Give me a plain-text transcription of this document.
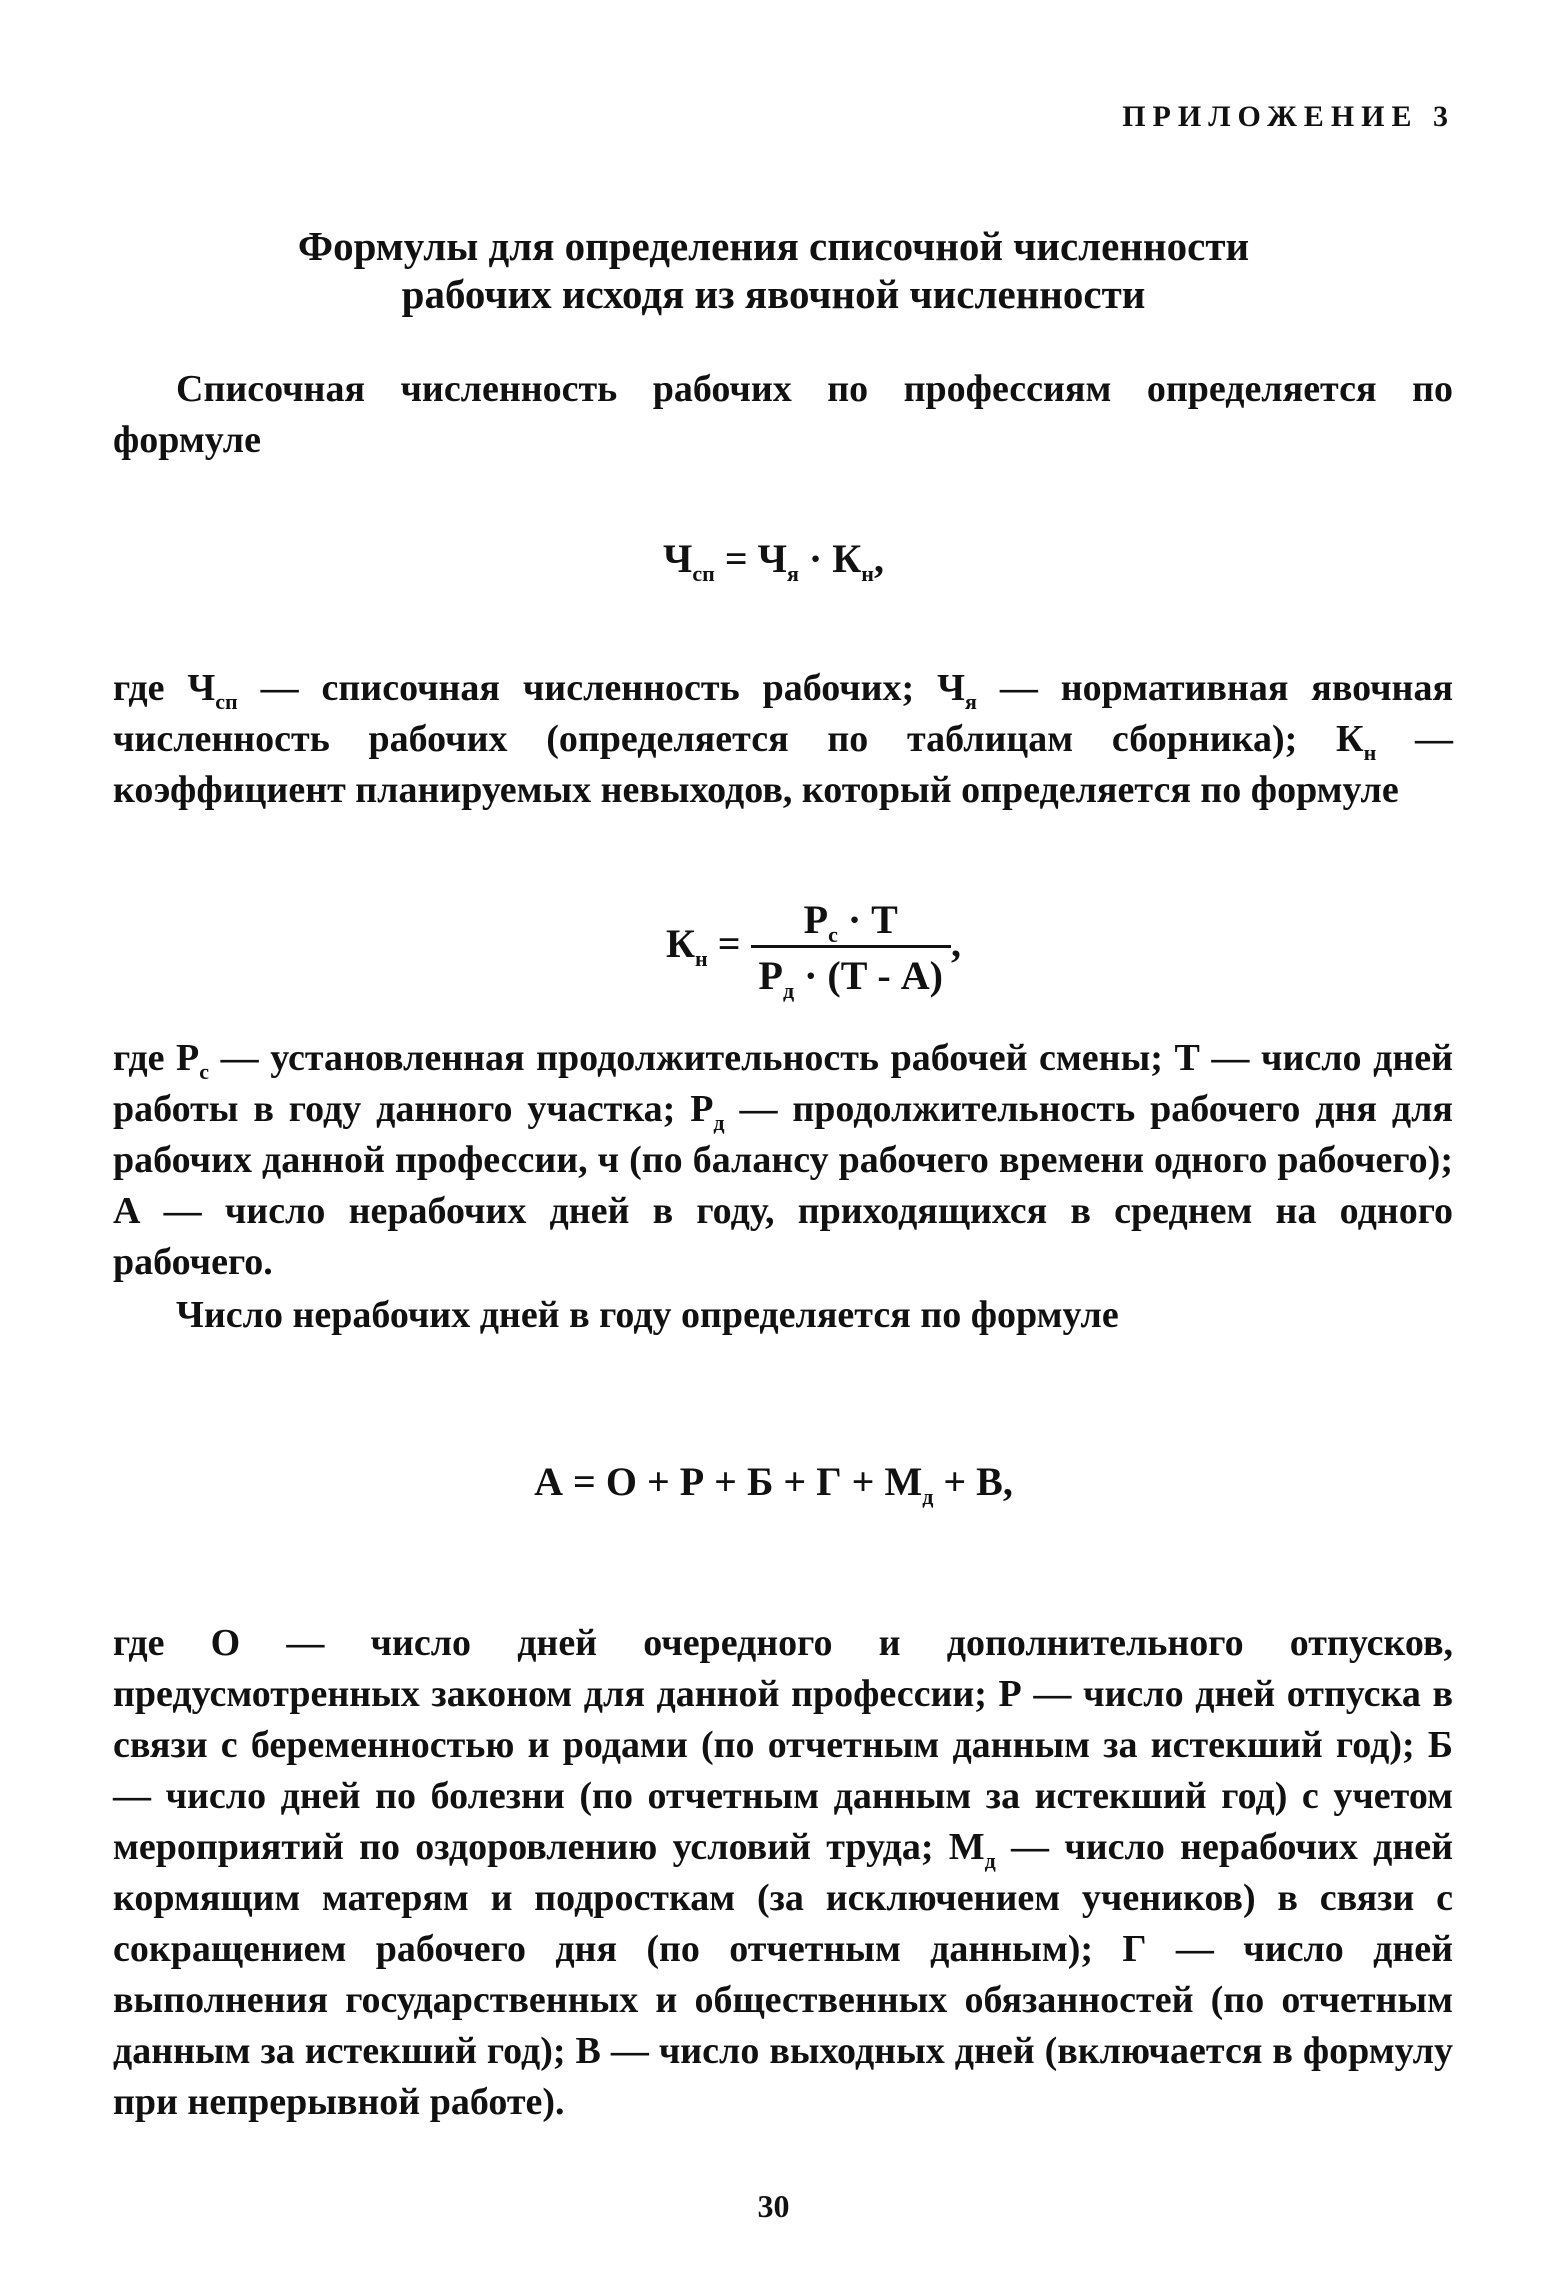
ПРИЛОЖЕНИЕ 3
Формулы для определения списочной численности
рабочих исходя из явочной численности
Списочная численность рабочих по профессиям определяется по формуле
$Ч_{сп} = Ч_я \cdot К_н$,
где $Ч_{сп}$ — списочная численность рабочих; $Ч_я$ — нормативная явочная численность рабочих (определяется по таблицам сборника); $К_н$ — коэффициент планируемых невыходов, который определяется по формуле
$К_н = \frac{Р_с \cdot Т}{Р_д \cdot (Т - А)}$ ,
где $Р_с$ — установленная продолжительность рабочей смены; Т — число дней работы в году данного участка; $Р_д$ — продолжительность рабочего дня для рабочих данной профессии, ч (по балансу рабочего времени одного рабочего); А — число нерабочих дней в году, приходящихся в среднем на одного рабочего.
Число нерабочих дней в году определяется по формуле
$А = О + Р + Б + Г + М_д + В$,
где О — число дней очередного и дополнительного отпусков, предусмотренных законом для данной профессии; Р — число дней отпуска в связи с беременностью и родами (по отчетным данным за истекший год); Б — число дней по болезни (по отчетным данным за истекший год) с учетом мероприятий по оздоровлению условий труда; $М_д$ — число нерабочих дней кормящим матерям и подросткам (за исключением учеников) в связи с сокращением рабочего дня (по отчетным данным); Г — число дней выполнения государственных и общественных обязанностей (по отчетным данным за истекший год); В — число выходных дней (включается в формулу при непрерывной работе).
30
